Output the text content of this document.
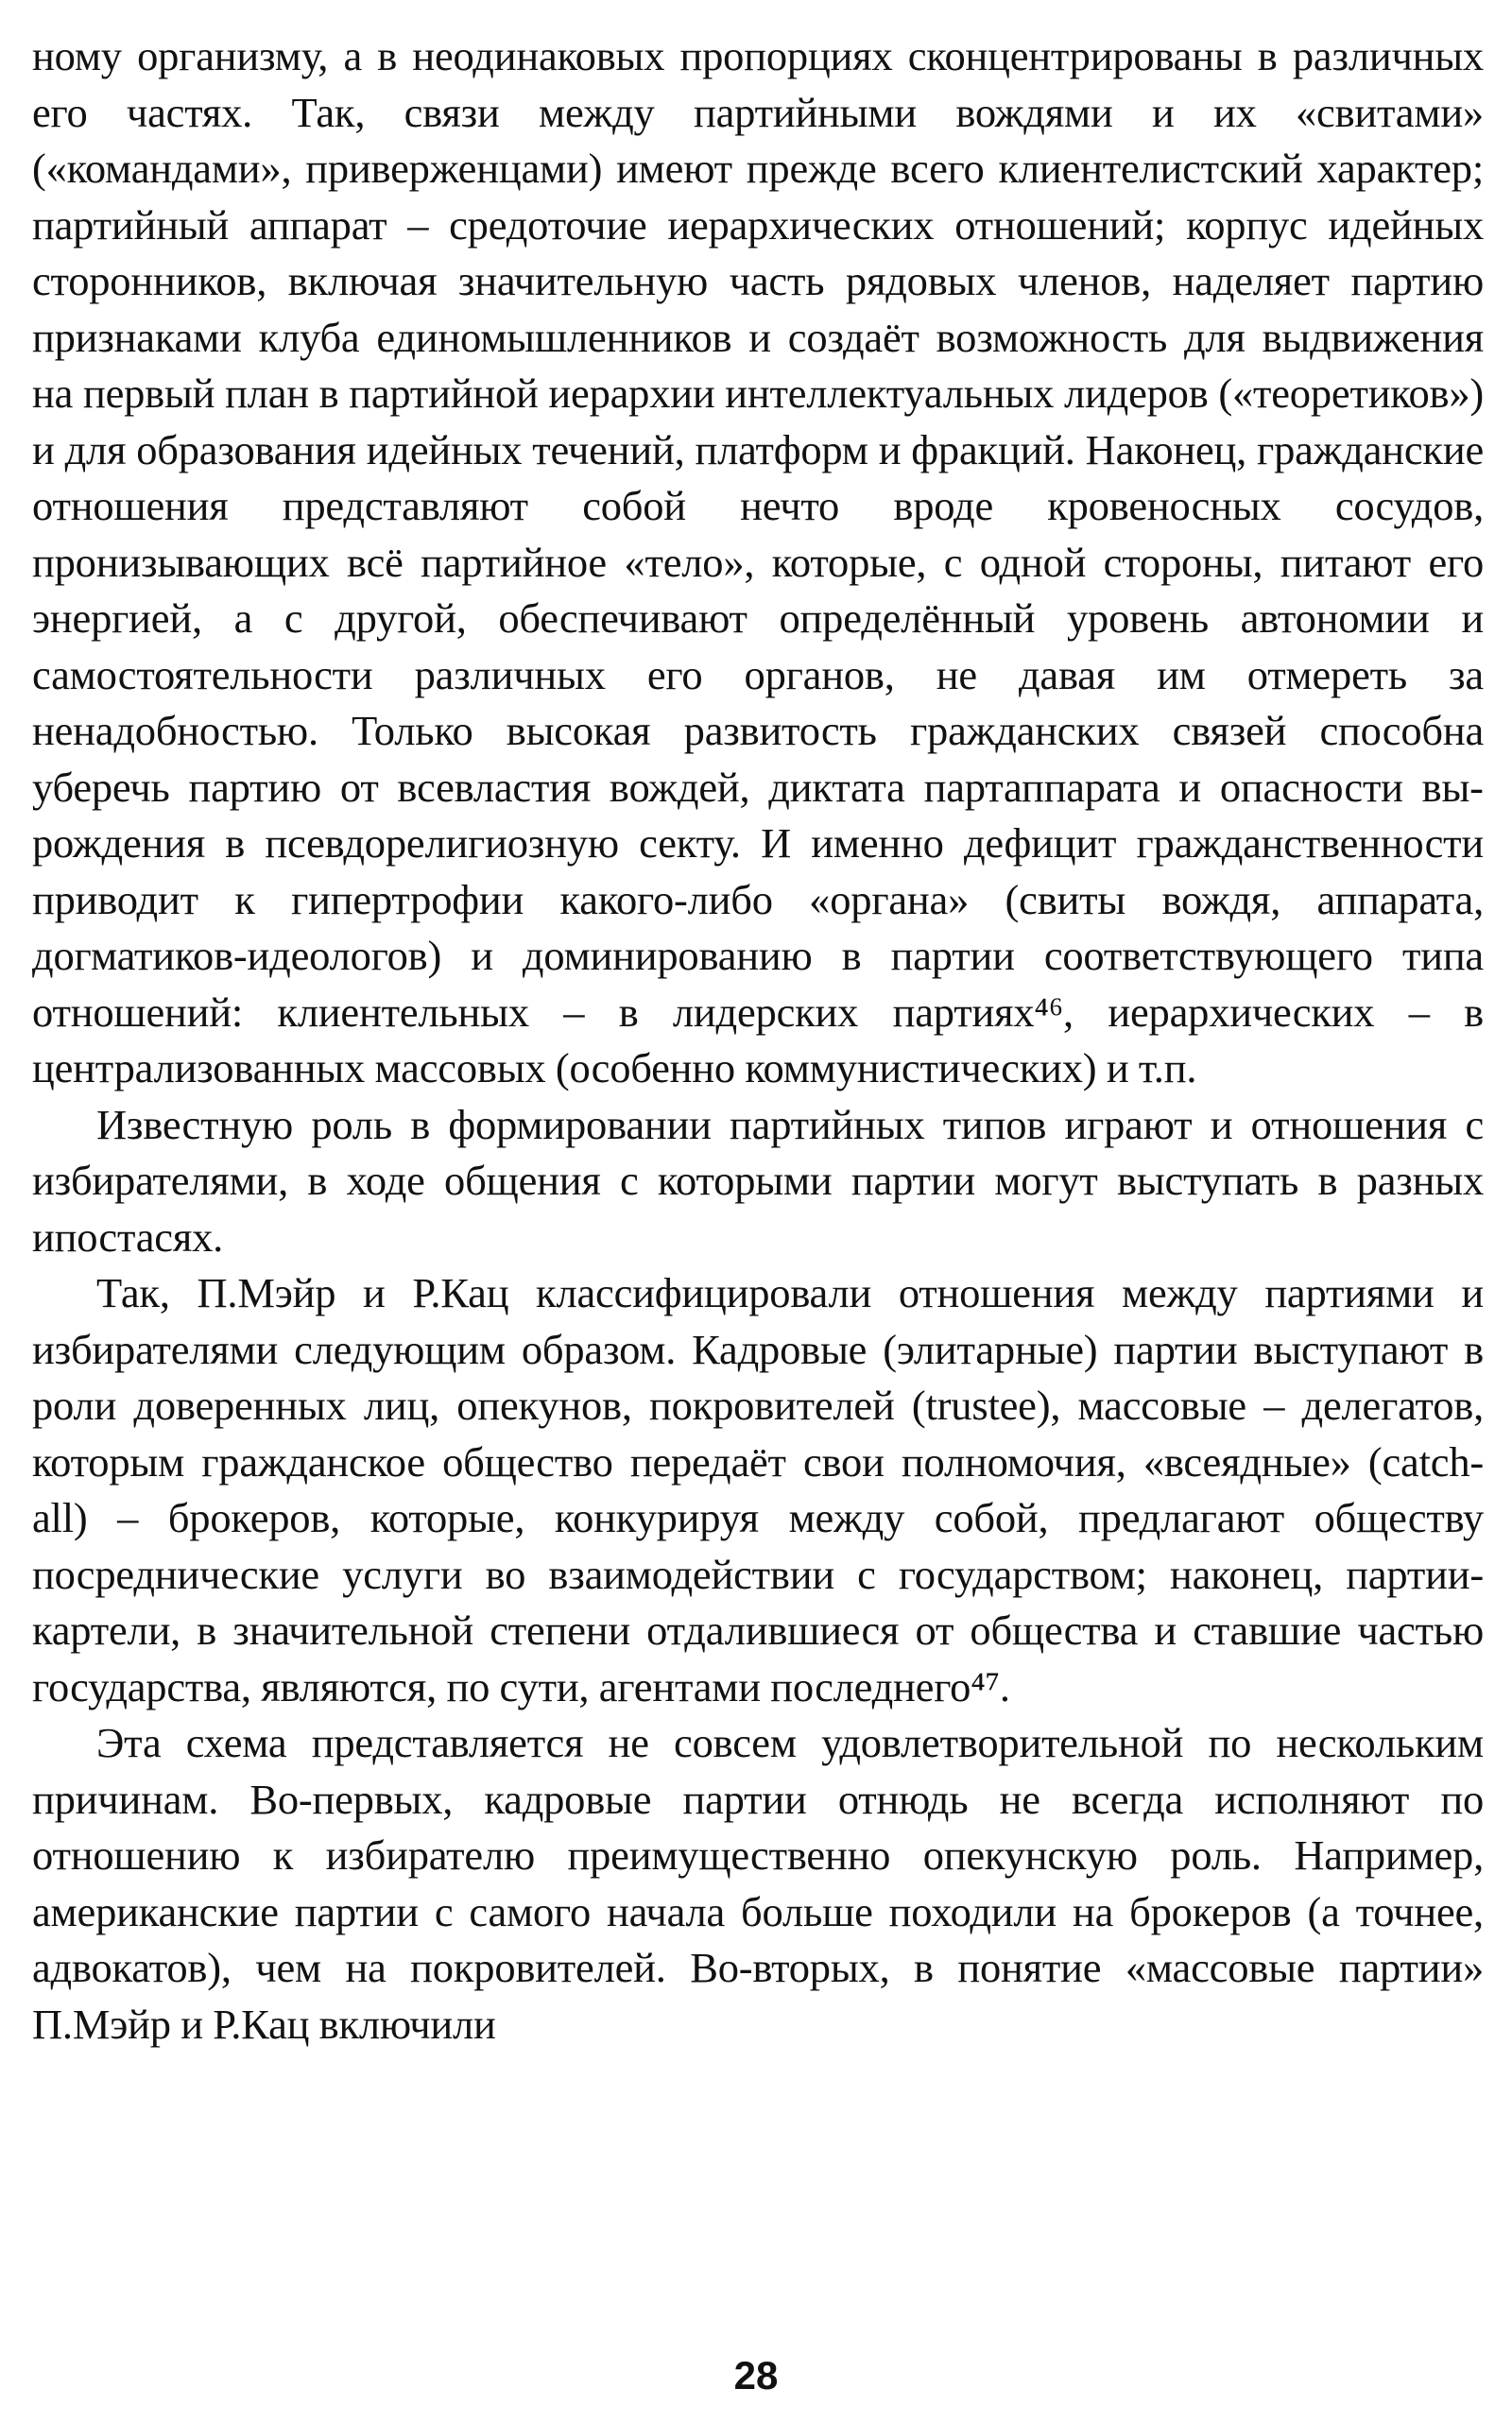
ному организму, а в неодинаковых пропорциях сконцентрированы в различных его частях. Так, связи между партийными вождями и их «свитами» («командами», приверженцами) имеют прежде всего клиентелистский характер; партийный аппарат – средоточие иерархических отношений; корпус идейных сторонников, включая значительную часть рядовых членов, наделяет партию признаками клуба единомышленников и создаёт возможность для выдвижения на первый план в партийной иерархии интеллектуальных лидеров («теоретиков») и для образования идейных течений, платформ и фракций. Наконец, гражданские отношения представляют собой нечто вроде кровеносных сосудов, пронизывающих всё партийное «тело», которые, с одной стороны, питают его энергией, а с другой, обеспечивают определённый уровень автономии и самостоятельности различных его органов, не давая им отмереть за ненадобностью. Только высокая развитость гражданских связей способна уберечь партию от всевластия вождей, диктата партаппарата и опасности вырождения в псевдорелигиозную секту. И именно дефицит гражданственности приводит к гипертрофии какого-либо «органа» (свиты вождя, аппарата, догматиков-идеологов) и доминированию в партии соответствующего типа отношений: клиентельных – в лидерских партиях⁴⁶, иерархических – в централизованных массовых (особенно коммунистических) и т.п.

Известную роль в формировании партийных типов играют и отношения с избирателями, в ходе общения с которыми партии могут выступать в разных ипостасях.

Так, П.Мэйр и Р.Кац классифицировали отношения между партиями и избирателями следующим образом. Кадровые (элитарные) партии выступают в роли доверенных лиц, опекунов, покровителей (trustee), массовые – делегатов, которым гражданское общество передаёт свои полномочия, «всеядные» (catch-all) – брокеров, которые, конкурируя между собой, предлагают обществу посреднические услуги во взаимодействии с государством; наконец, партии-картели, в значительной степени отдалившиеся от общества и ставшие частью государства, являются, по сути, агентами последнего⁴⁷.

Эта схема представляется не совсем удовлетворительной по нескольким причинам. Во-первых, кадровые партии отнюдь не всегда исполняют по отношению к избирателю преимущественно опекунскую роль. Например, американские партии с самого начала больше походили на брокеров (а точнее, адвокатов), чем на покровителей. Во-вторых, в понятие «массовые партии» П.Мэйр и Р.Кац включили

28
